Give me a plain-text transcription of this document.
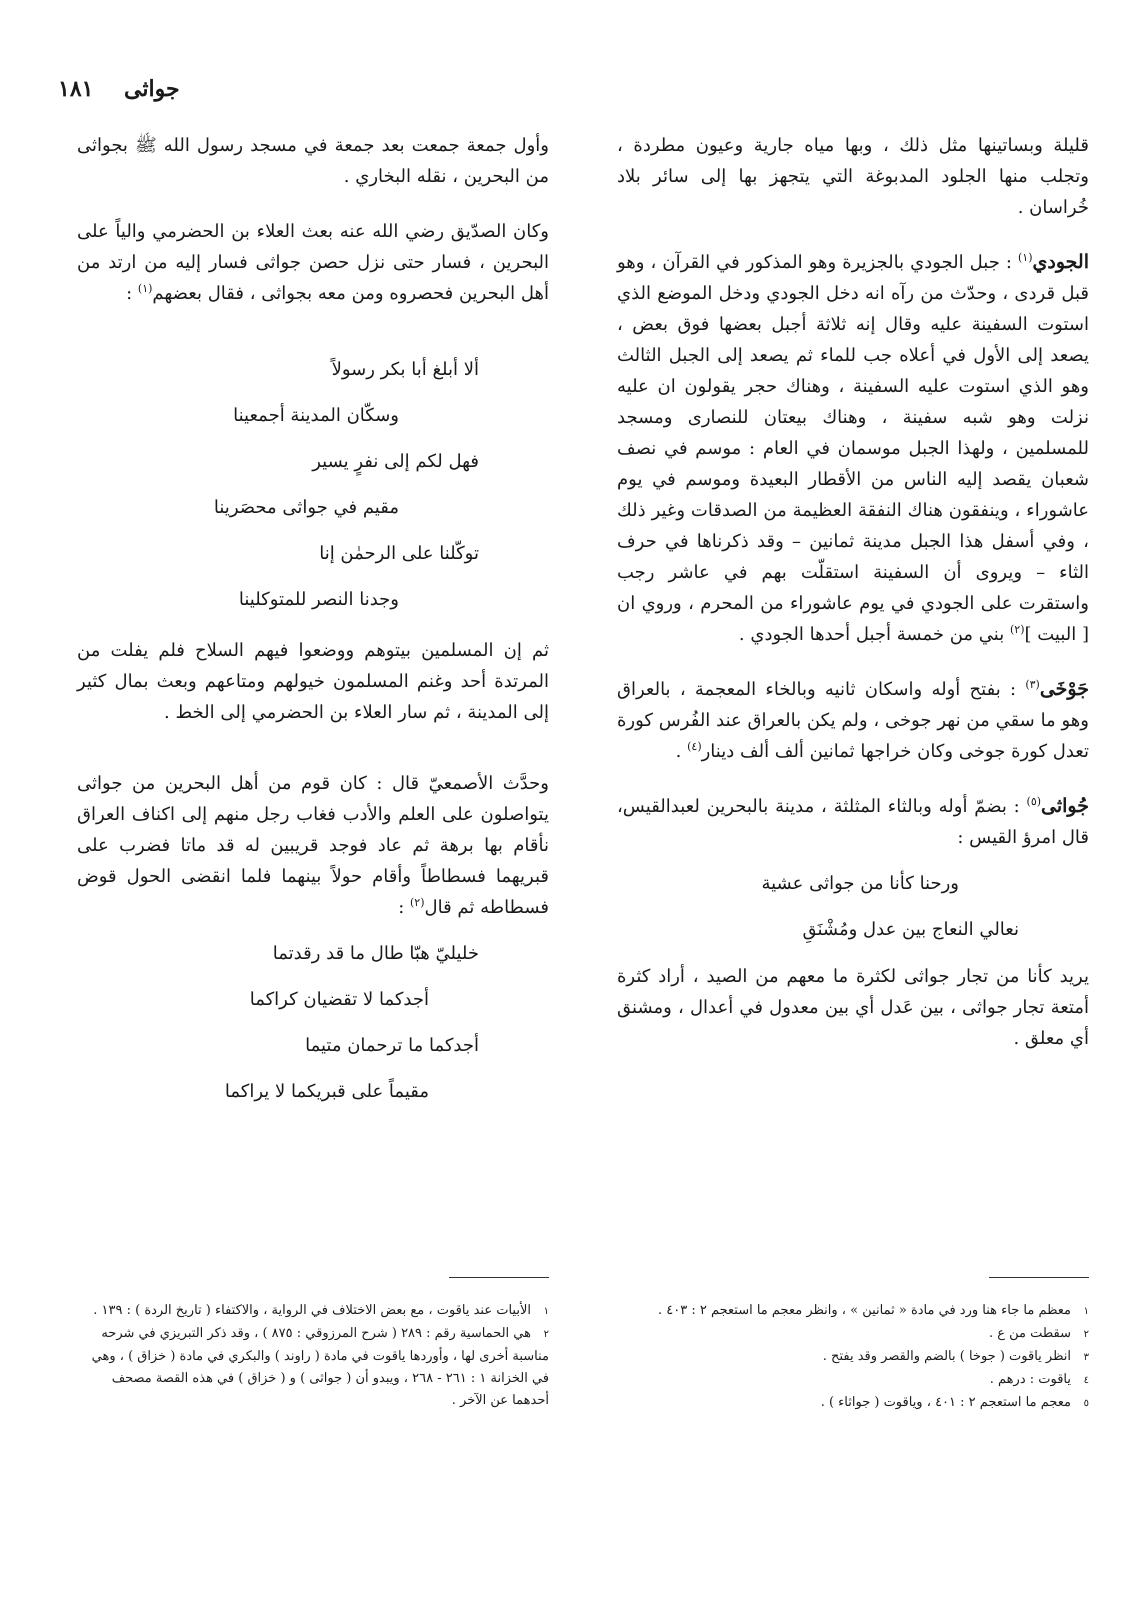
١٨١ جواثى

قليلة وبساتينها مثل ذلك ، وبها مياه جارية وعيون مطردة ، وتجلب منها الجلود المدبوغة التي يتجهز بها إلى سائر بلاد خُراسان .

الجودي$^{(١)}$ : جبل الجودي بالجزيرة وهو المذكور في القرآن ، وهو قبل قردى ، وحدّث من رآه انه دخل الجودي ودخل الموضع الذي استوت السفينة عليه وقال إنه ثلاثة أجبل بعضها فوق بعض ، يصعد إلى الأول في أعلاه جب للماء ثم يصعد إلى الجبل الثالث وهو الذي استوت عليه السفينة ، وهناك حجر يقولون ان عليه نزلت وهو شبه سفينة ، وهناك بيعتان للنصارى ومسجد للمسلمين ، ولهذا الجبل موسمان في العام : موسم في نصف شعبان يقصد إليه الناس من الأقطار البعيدة وموسم في يوم عاشوراء ، وينفقون هناك النفقة العظيمة من الصدقات وغير ذلك ، وفي أسفل هذا الجبل مدينة ثمانين – وقد ذكرناها في حرف الثاء – ويروى أن السفينة استقلّت بهم في عاشر رجب واستقرت على الجودي في يوم عاشوراء من المحرم ، وروي ان [ البيت ]$^{(٢)}$ بني من خمسة أجبل أحدها الجودي .

جَوْخَى$^{(٣)}$ : بفتح أوله واسكان ثانيه وبالخاء المعجمة ، بالعراق وهو ما سقي من نهر جوخى ، ولم يكن بالعراق عند الفُرس كورة تعدل كورة جوخى وكان خراجها ثمانين ألف ألف دينار$^{(٤)}$ .

جُواثى$^{(٥)}$ : بضمّ أوله وبالثاء المثلثة ، مدينة بالبحرين لعبدالقيس، قال امرؤ القيس :

ورحنا كأنا من جواثى عشية

نعالي النعاج بين عدل ومُشْنَقِ

يريد كأنا من تجار جواثى لكثرة ما معهم من الصيد ، أراد كثرة أمتعة تجار جواثى ، بين عَدل أي بين معدول في أعدال ، ومشنق أي معلق .

وأول جمعة جمعت بعد جمعة في مسجد رسول الله ﷺ بجواثى من البحرين ، نقله البخاري .

وكان الصدّيق رضي الله عنه بعث العلاء بن الحضرمي والياً على البحرين ، فسار حتى نزل حصن جواثى فسار إليه من ارتد من أهل البحرين فحصروه ومن معه بجواثى ، فقال بعضهم$^{(١)}$ :

ألا أبلغ أبا بكر رسولاً

وسكّان المدينة أجمعينا

فهل لكم إلى نفرٍ يسير

مقيم في جواثى محصَرينا

توكّلنا على الرحمٰن إنا

وجدنا النصر للمتوكلينا

ثم إن المسلمين بيتوهم ووضعوا فيهم السلاح فلم يفلت من المرتدة أحد وغنم المسلمون خيولهم ومتاعهم وبعث بمال كثير إلى المدينة ، ثم سار العلاء بن الحضرمي إلى الخط .

وحدَّث الأصمعيّ قال : كان قوم من أهل البحرين من جواثى يتواصلون على العلم والأدب فغاب رجل منهم إلى اكناف العراق نأقام بها برهة ثم عاد فوجد قريبين له قد ماتا فضرب على قبريهما فسطاطاً وأقام حولاً بينهما فلما انقضى الحول قوض فسطاطه ثم قال$^{(٢)}$ :

خليليّ هبّا طال ما قد رقدتما

أجدكما لا تقضيان كراكما

أجدكما ما ترحمان متيما

مقيماً على قبريكما لا يراكما

١معظم ما جاء هنا ورد في مادة « ثمانين » ، وانظر معجم ما استعجم ٢ : ٤٠٣ .

٢سقطت من ع .

٣انظر ياقوت ( جوخا ) بالضم والقصر وقد يفتح .

٤ياقوت : درهم .

٥معجم ما استعجم ٢ : ٤٠١ ، وياقوت ( جواثاء ) .

١الأبيات عند ياقوت ، مع بعض الاختلاف في الرواية ، والاكتفاء ( تاريخ الردة ) : ١٣٩ .

٢هي الحماسية رقم : ٢٨٩ ( شرح المرزوقي : ٨٧٥ ) ، وقد ذكر التبريزي في شرحه مناسبة أخرى لها ، وأوردها ياقوت في مادة ( راوند ) والبكري في مادة ( خزاق ) ، وهي في الخزانة ١ : ٢٦١ - ٢٦٨ ، ويبدو أن ( جواثى ) و ( خزاق ) في هذه القصة مصحف أحدهما عن الآخر .
